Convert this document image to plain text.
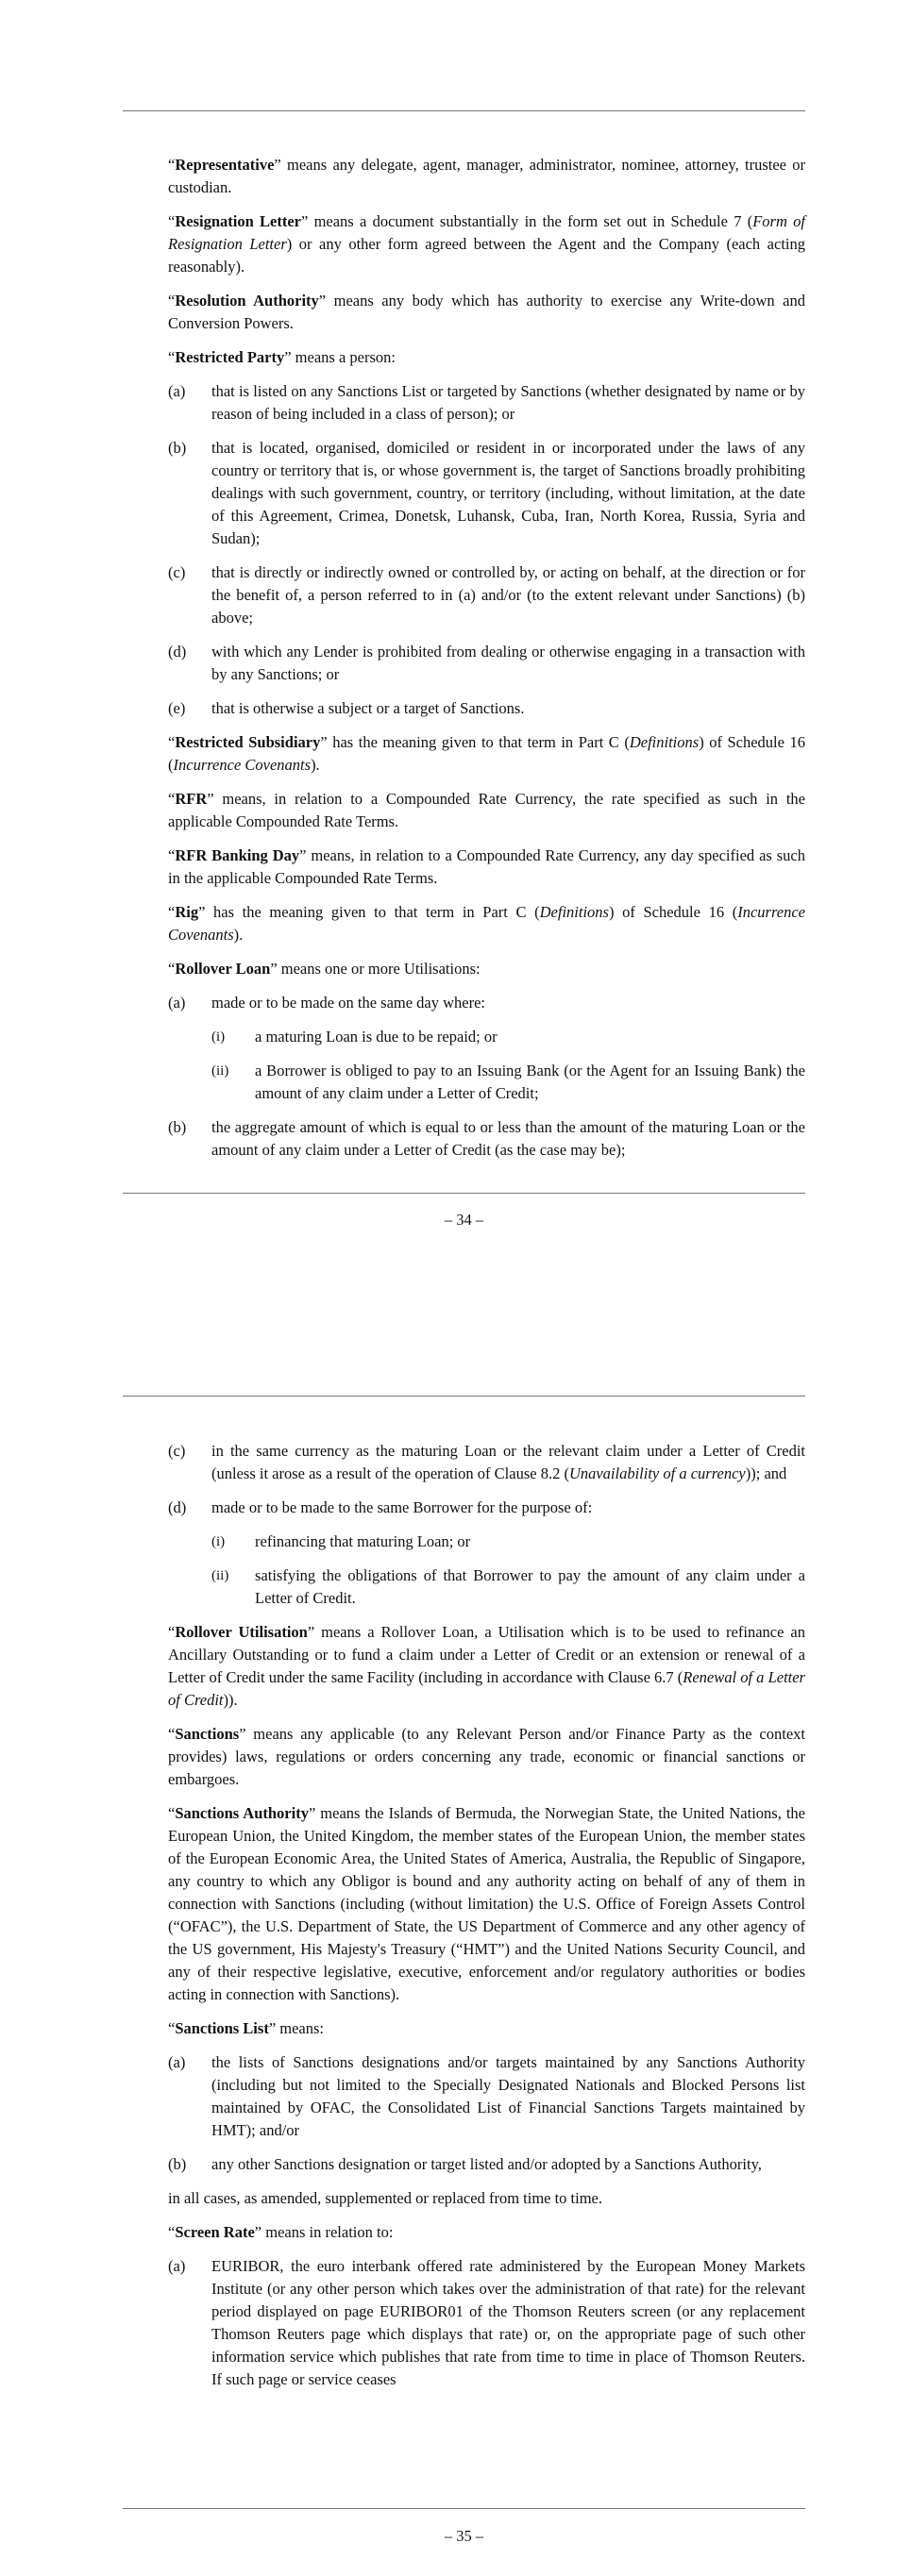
“Representative” means any delegate, agent, manager, administrator, nominee, attorney, trustee or custodian.

“Resignation Letter” means a document substantially in the form set out in Schedule 7 (Form of Resignation Letter) or any other form agreed between the Agent and the Company (each acting reasonably).

“Resolution Authority” means any body which has authority to exercise any Write-down and Conversion Powers.

“Restricted Party” means a person:

(a) that is listed on any Sanctions List or targeted by Sanctions (whether designated by name or by reason of being included in a class of person); or
(b) that is located, organised, domiciled or resident in or incorporated under the laws of any country or territory that is, or whose government is, the target of Sanctions broadly prohibiting dealings with such government, country, or territory (including, without limitation, at the date of this Agreement, Crimea, Donetsk, Luhansk, Cuba, Iran, North Korea, Russia, Syria and Sudan);
(c) that is directly or indirectly owned or controlled by, or acting on behalf, at the direction or for the benefit of, a person referred to in (a) and/or (to the extent relevant under Sanctions) (b) above;
(d) with which any Lender is prohibited from dealing or otherwise engaging in a transaction with by any Sanctions; or
(e) that is otherwise a subject or a target of Sanctions.

“Restricted Subsidiary” has the meaning given to that term in Part C (Definitions) of Schedule 16 (Incurrence Covenants).

“RFR” means, in relation to a Compounded Rate Currency, the rate specified as such in the applicable Compounded Rate Terms.

“RFR Banking Day” means, in relation to a Compounded Rate Currency, any day specified as such in the applicable Compounded Rate Terms.

“Rig” has the meaning given to that term in Part C (Definitions) of Schedule 16 (Incurrence Covenants).

“Rollover Loan” means one or more Utilisations:

(a) made or to be made on the same day where:
(i) a maturing Loan is due to be repaid; or
(ii) a Borrower is obliged to pay to an Issuing Bank (or the Agent for an Issuing Bank) the amount of any claim under a Letter of Credit;
(b) the aggregate amount of which is equal to or less than the amount of the maturing Loan or the amount of any claim under a Letter of Credit (as the case may be);
– 34 –
(c) in the same currency as the maturing Loan or the relevant claim under a Letter of Credit (unless it arose as a result of the operation of Clause 8.2 (Unavailability of a currency)); and
(d) made or to be made to the same Borrower for the purpose of:
(i) refinancing that maturing Loan; or
(ii) satisfying the obligations of that Borrower to pay the amount of any claim under a Letter of Credit.

“Rollover Utilisation” means a Rollover Loan, a Utilisation which is to be used to refinance an Ancillary Outstanding or to fund a claim under a Letter of Credit or an extension or renewal of a Letter of Credit under the same Facility (including in accordance with Clause 6.7 (Renewal of a Letter of Credit)).

“Sanctions” means any applicable (to any Relevant Person and/or Finance Party as the context provides) laws, regulations or orders concerning any trade, economic or financial sanctions or embargoes.

“Sanctions Authority” means the Islands of Bermuda, the Norwegian State, the United Nations, the European Union, the United Kingdom, the member states of the European Union, the member states of the European Economic Area, the United States of America, Australia, the Republic of Singapore, any country to which any Obligor is bound and any authority acting on behalf of any of them in connection with Sanctions (including (without limitation) the U.S. Office of Foreign Assets Control (“OFAC”), the U.S. Department of State, the US Department of Commerce and any other agency of the US government, His Majesty's Treasury (“HMT”) and the United Nations Security Council, and any of their respective legislative, executive, enforcement and/or regulatory authorities or bodies acting in connection with Sanctions).

“Sanctions List” means:

(a) the lists of Sanctions designations and/or targets maintained by any Sanctions Authority (including but not limited to the Specially Designated Nationals and Blocked Persons list maintained by OFAC, the Consolidated List of Financial Sanctions Targets maintained by HMT); and/or
(b) any other Sanctions designation or target listed and/or adopted by a Sanctions Authority,

in all cases, as amended, supplemented or replaced from time to time.

“Screen Rate” means in relation to:

(a) EURIBOR, the euro interbank offered rate administered by the European Money Markets Institute (or any other person which takes over the administration of that rate) for the relevant period displayed on page EURIBOR01 of the Thomson Reuters screen (or any replacement Thomson Reuters page which displays that rate) or, on the appropriate page of such other information service which publishes that rate from time to time in place of Thomson Reuters. If such page or service ceases
– 35 –
